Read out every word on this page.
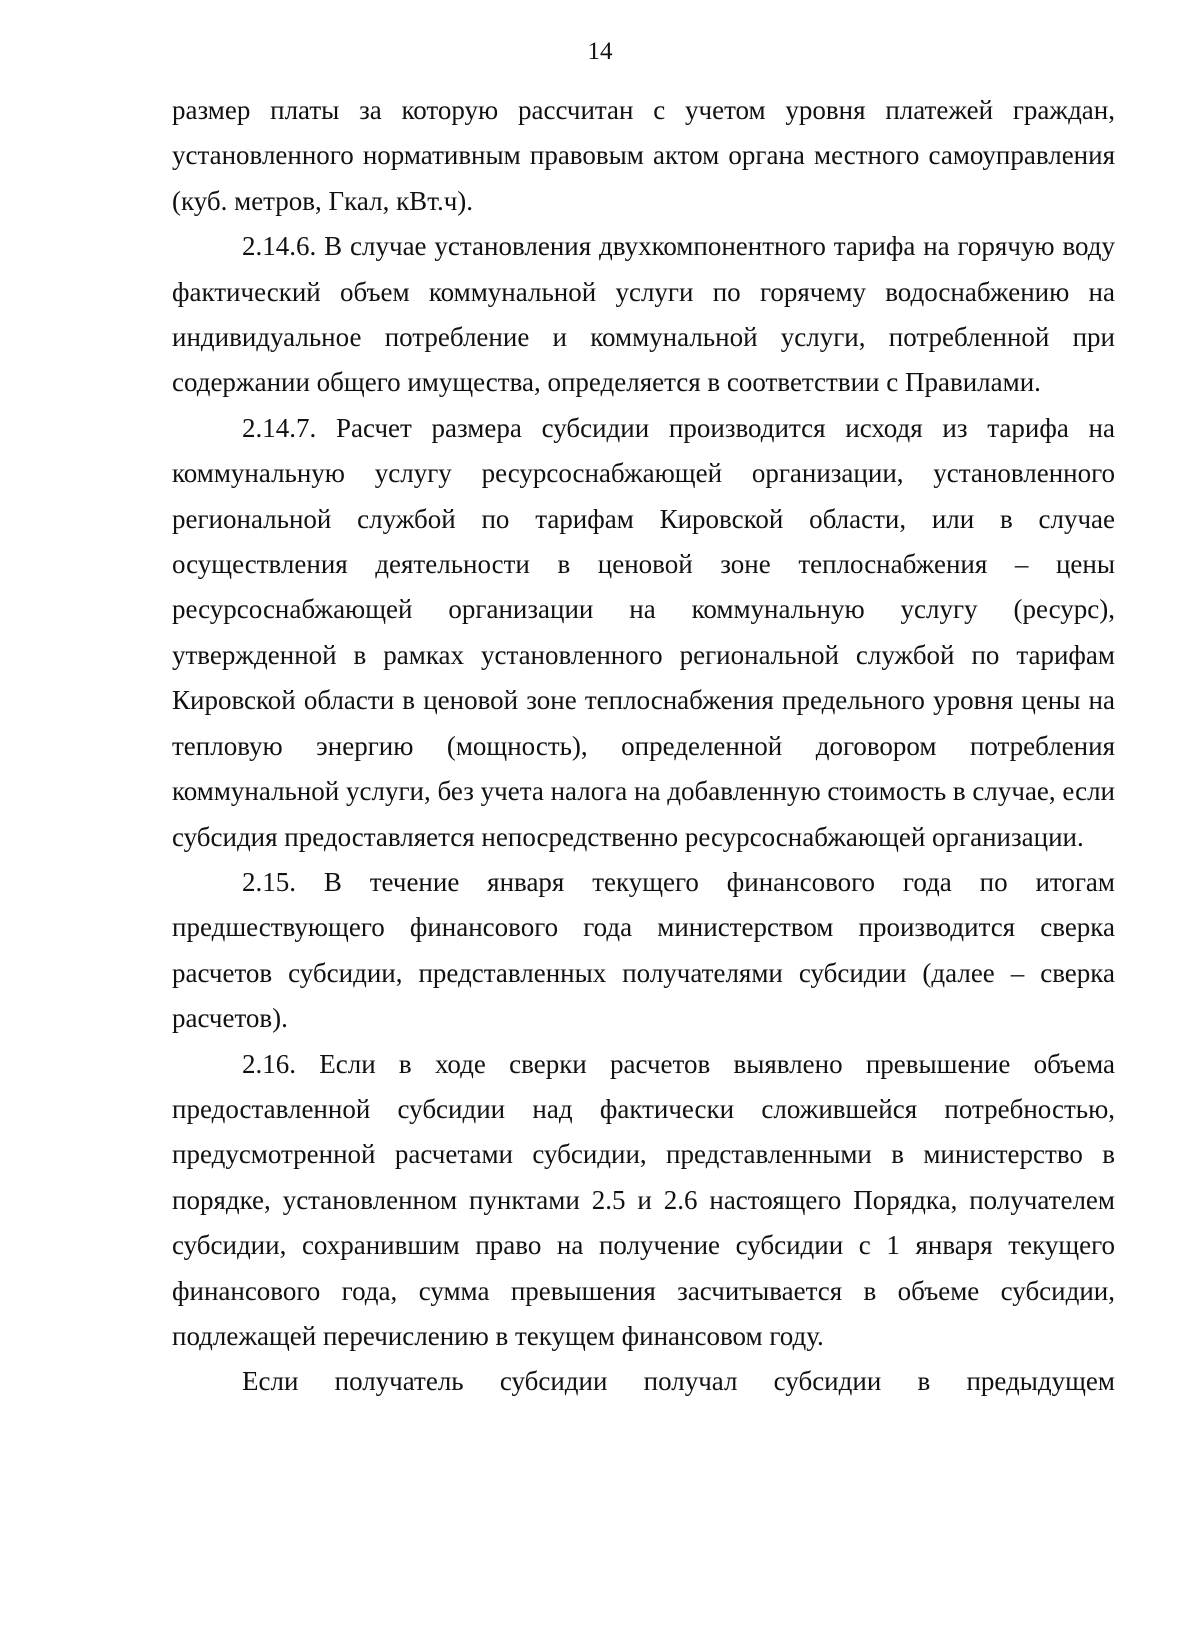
14

размер платы за которую рассчитан с учетом уровня платежей граждан, установленного нормативным правовым актом органа местного самоуправления (куб. метров, Гкал, кВт.ч).

2.14.6. В случае установления двухкомпонентного тарифа на горячую воду фактический объем коммунальной услуги по горячему водоснабжению на индивидуальное потребление и коммунальной услуги, потребленной при содержании общего имущества, определяется в соответствии с Правилами.

2.14.7. Расчет размера субсидии производится исходя из тарифа на коммунальную услугу ресурсоснабжающей организации, установленного региональной службой по тарифам Кировской области, или в случае осуществления деятельности в ценовой зоне теплоснабжения – цены ресурсоснабжающей организации на коммунальную услугу (ресурс), утвержденной в рамках установленного региональной службой по тарифам Кировской области в ценовой зоне теплоснабжения предельного уровня цены на тепловую энергию (мощность), определенной договором потребления коммунальной услуги, без учета налога на добавленную стоимость в случае, если субсидия предоставляется непосредственно ресурсоснабжающей организации.

2.15. В течение января текущего финансового года по итогам предшествующего финансового года министерством производится сверка расчетов субсидии, представленных получателями субсидии (далее – сверка расчетов).

2.16. Если в ходе сверки расчетов выявлено превышение объема предоставленной субсидии над фактически сложившейся потребностью, предусмотренной расчетами субсидии, представленными в министерство в порядке, установленном пунктами 2.5 и 2.6 настоящего Порядка, получателем субсидии, сохранившим право на получение субсидии с 1 января текущего финансового года, сумма превышения засчитывается в объеме субсидии, подлежащей перечислению в текущем финансовом году.

Если получатель субсидии получал субсидии в предыдущем
